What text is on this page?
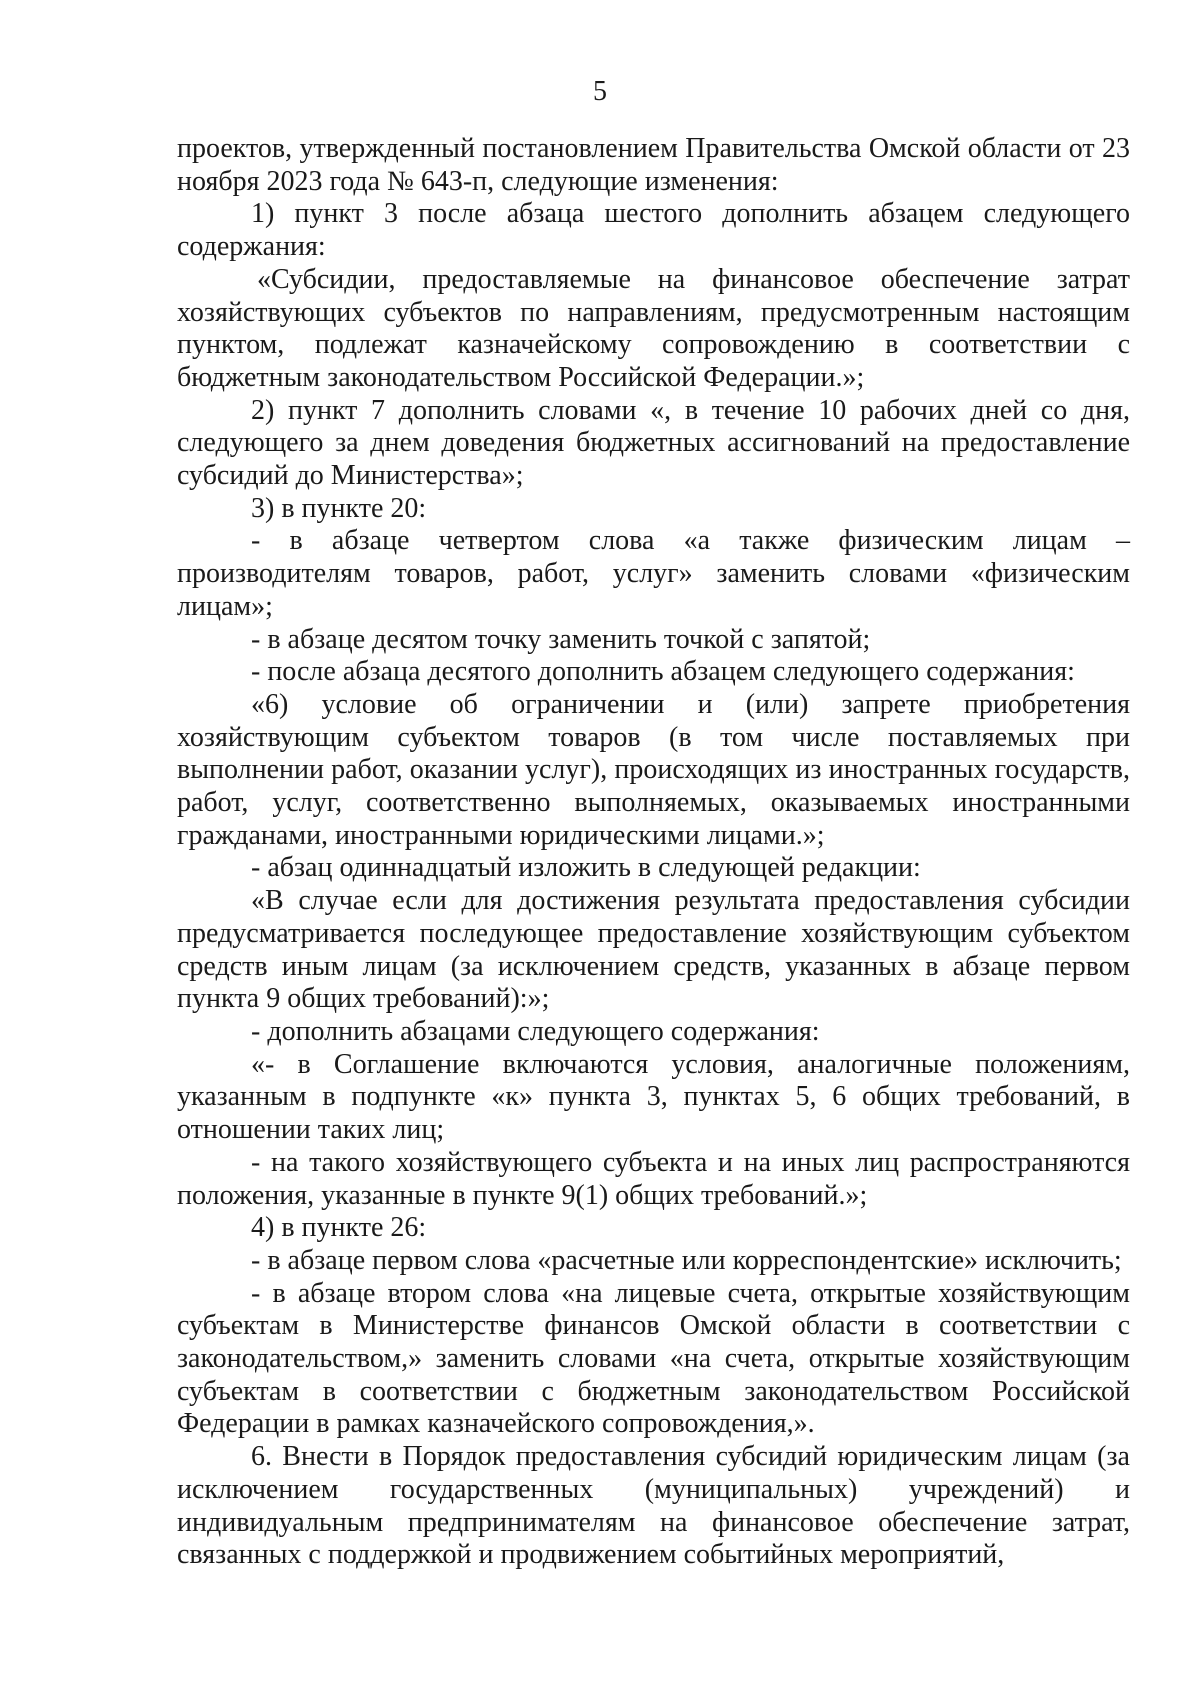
5

проектов, утвержденный постановлением Правительства Омской области от 23 ноября 2023 года № 643-п, следующие изменения:

1) пункт 3 после абзаца шестого дополнить абзацем следующего содержания:

«Субсидии, предоставляемые на финансовое обеспечение затрат хозяйствующих субъектов по направлениям, предусмотренным настоящим пунктом, подлежат казначейскому сопровождению в соответствии с бюджетным законодательством Российской Федерации.»;

2) пункт 7 дополнить словами «, в течение 10 рабочих дней со дня, следующего за днем доведения бюджетных ассигнований на предоставление субсидий до Министерства»;

3) в пункте 20:

- в абзаце четвертом слова «а также физическим лицам – производителям товаров, работ, услуг» заменить словами «физическим лицам»;

- в абзаце десятом точку заменить точкой с запятой;

- после абзаца десятого дополнить абзацем следующего содержания:

«6) условие об ограничении и (или) запрете приобретения хозяйствующим субъектом товаров (в том числе поставляемых при выполнении работ, оказании услуг), происходящих из иностранных государств, работ, услуг, соответственно выполняемых, оказываемых иностранными гражданами, иностранными юридическими лицами.»;

- абзац одиннадцатый изложить в следующей редакции:

«В случае если для достижения результата предоставления субсидии предусматривается последующее предоставление хозяйствующим субъектом средств иным лицам (за исключением средств, указанных в абзаце первом пункта 9 общих требований):»;

- дополнить абзацами следующего содержания:

«- в Соглашение включаются условия, аналогичные положениям, указанным в подпункте «к» пункта 3, пунктах 5, 6 общих требований, в отношении таких лиц;

- на такого хозяйствующего субъекта и на иных лиц распространяются положения, указанные в пункте 9(1) общих требований.»;

4) в пункте 26:

- в абзаце первом слова «расчетные или корреспондентские» исключить;

- в абзаце втором слова «на лицевые счета, открытые хозяйствующим субъектам в Министерстве финансов Омской области в соответствии с законодательством,» заменить словами «на счета, открытые хозяйствующим субъектам в соответствии с бюджетным законодательством Российской Федерации в рамках казначейского сопровождения,».

6. Внести в Порядок предоставления субсидий юридическим лицам (за исключением государственных (муниципальных) учреждений) и индивидуальным предпринимателям на финансовое обеспечение затрат, связанных с поддержкой и продвижением событийных мероприятий,
